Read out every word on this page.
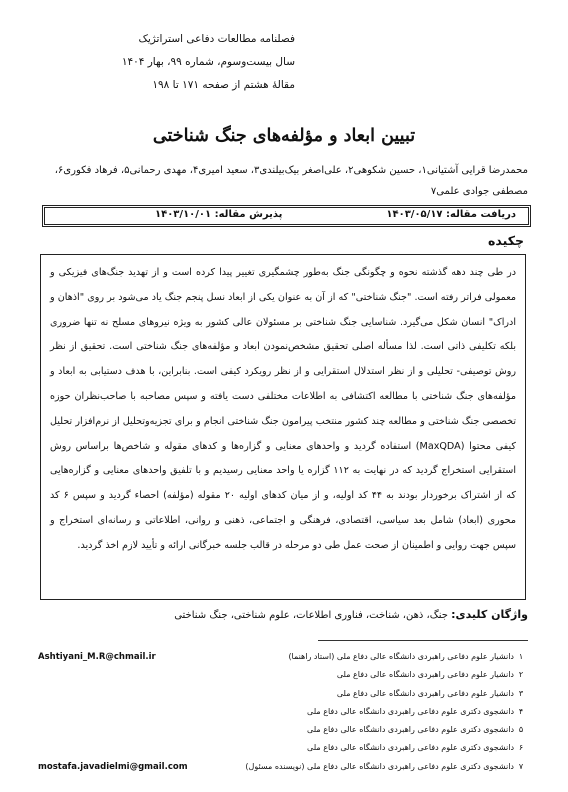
فصلنامه مطالعات دفاعی استراتژیک
سال بیست‌وسوم، شماره ۹۹، بهار ۱۴۰۴
مقالهٔ هشتم از صفحه ۱۷۱ تا ۱۹۸
تبیین ابعاد و مؤلفه‌های جنگ شناختی
محمدرضا قرایی آشتیانی۱، حسین شکوهی۲، علی‌اصغر بیک‌بیلندی۳، سعید امیری۴، مهدی رحمانی۵، فرهاد فکوری۶، مصطفی جوادی علمی۷
دریافت مقاله: ۱۴۰۳/۰۵/۱۷
پذیرش مقاله: ۱۴۰۳/۱۰/۰۱
چکیده

در طی چند دهه گذشته نحوه و چگونگی جنگ به‌طور چشمگیری تغییر پیدا کرده است و از تهدید جنگ‌های فیزیکی و معمولی فراتر رفته است. "جنگ شناختی" که از آن به عنوان یکی از ابعاد نسل پنجم جنگ یاد می‌شود بر روی "اذهان و ادراک" انسان شکل می‌گیرد. شناسایی جنگ شناختی بر مسئولان عالی کشور به ویژه نیروهای مسلح نه تنها ضروری بلکه تکلیفی ذاتی است. لذا مسأله اصلی تحقیق مشخص‌نمودن ابعاد و مؤلفه‌های جنگ شناختی است. تحقیق از نظر روش توصیفی- تحلیلی و از نظر استدلال استقرایی و از نظر رویکرد کیفی است. بنابراین، با هدف دستیابی به ابعاد و مؤلفه‌های جنگ شناختی با مطالعه اکتشافی به اطلاعات مختلفی دست یافته و سپس مصاحبه با صاحب‌نظران حوزه تخصصی جنگ شناختی و مطالعه چند کشور منتخب پیرامون جنگ شناختی انجام و برای تجزیه‌وتحلیل از نرم‌افزار تحلیل کیفی محتوا (MaxQDA) استفاده گردید و واحدهای معنایی و گزاره‌ها و کدهای مقوله و شاخص‌ها براساس روش استقرایی استخراج گردید که در نهایت به ۱۱۲ گزاره یا واحد معنایی رسیدیم و با تلفیق واحدهای معنایی و گزاره‌هایی که از اشتراک برخوردار بودند به ۴۴ کد اولیه، و از میان کدهای اولیه ۲۰ مقوله (مؤلفه) احصاء گردید و سپس ۶ کد محوری (ابعاد) شامل بعد سیاسی، اقتصادی، فرهنگی و اجتماعی، ذهنی و روانی، اطلاعاتی و رسانه‌ای استخراج و سپس جهت روایی و اطمینان از صحت عمل طی دو مرحله در قالب جلسه خبرگانی ارائه و تأیید لازم اخذ گردید.

واژگان کلیدی: جنگ، ذهن، شناخت، فناوری اطلاعات، علوم شناختی، جنگ شناختی
۱
دانشیار علوم دفاعی راهبردی دانشگاه عالی دفاع ملی (استاد راهنما)
Ashtiyani_M.R@chmail.ir
۲
دانشیار علوم دفاعی راهبردی دانشگاه عالی دفاع ملی
۳
دانشیار علوم دفاعی راهبردی دانشگاه عالی دفاع ملی
۴
دانشجوی دکتری علوم دفاعی راهبردی دانشگاه عالی دفاع ملی
۵
دانشجوی دکتری علوم دفاعی راهبردی دانشگاه عالی دفاع ملی
۶
دانشجوی دکتری علوم دفاعی راهبردی دانشگاه عالی دفاع ملی
۷
دانشجوی دکتری علوم دفاعی راهبردی دانشگاه عالی دفاع ملی (نویسنده مسئول)
mostafa.javadielmi@gmail.com
